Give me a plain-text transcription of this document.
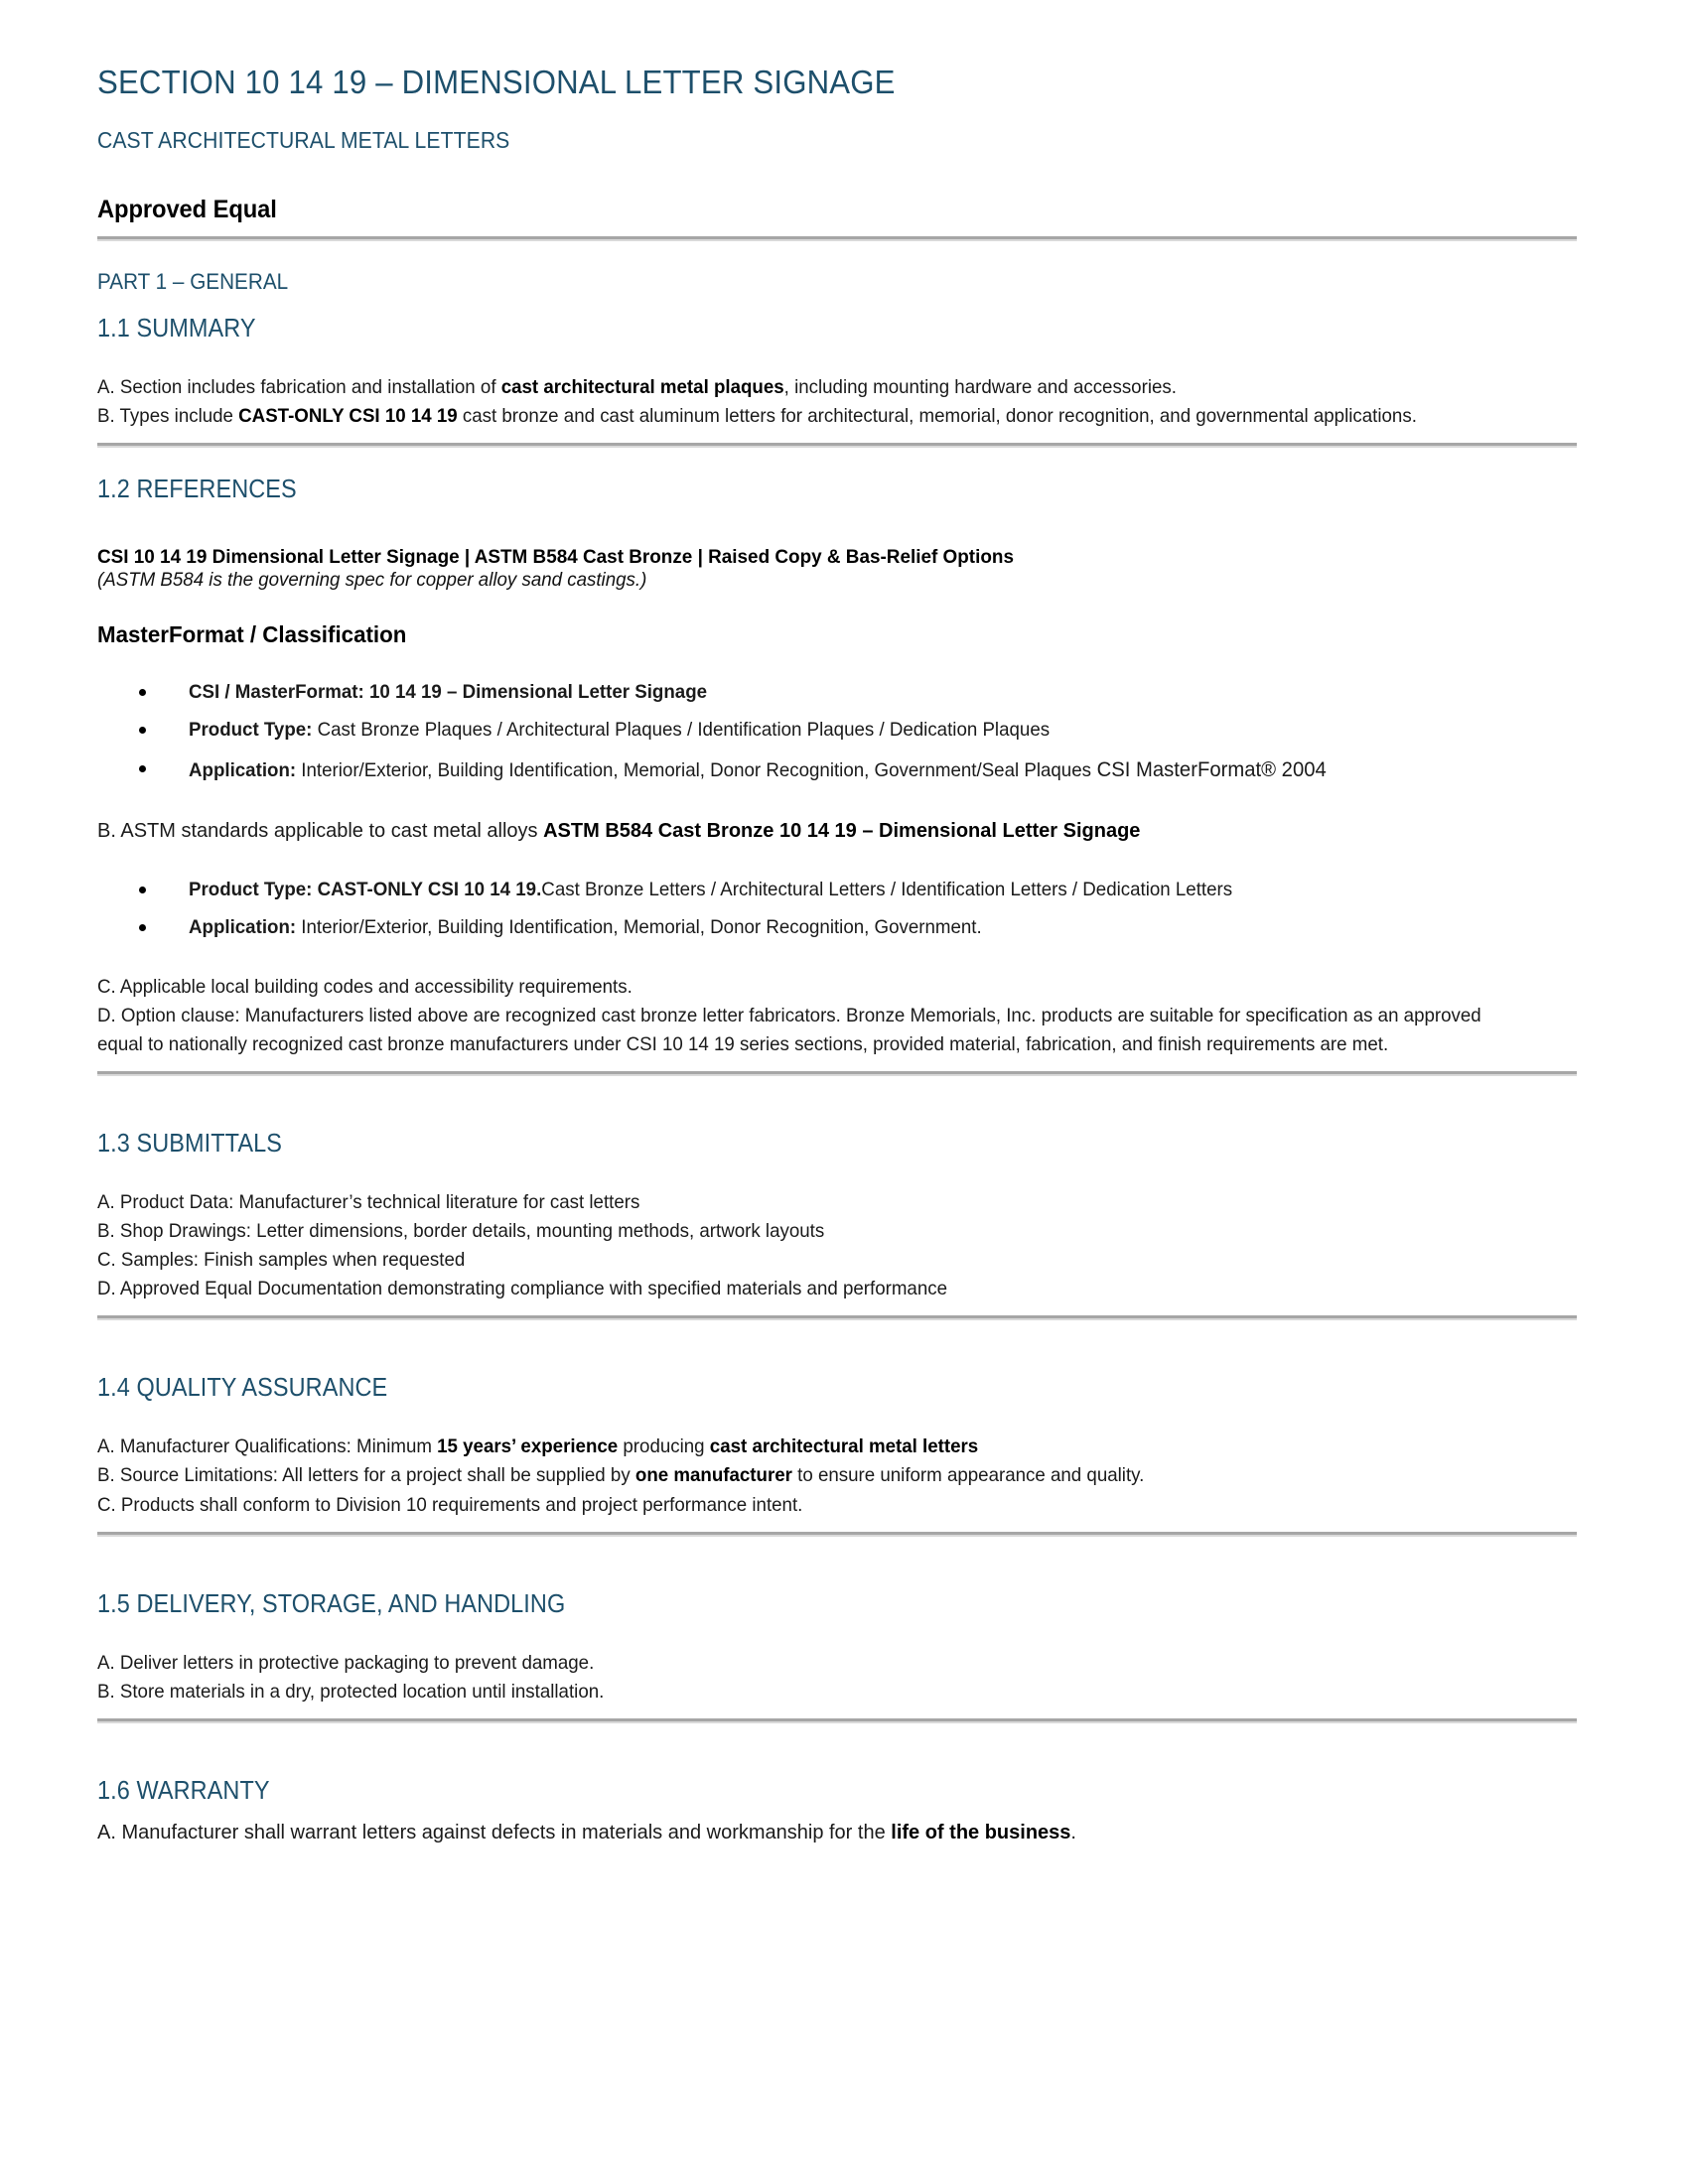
SECTION 10 14 19 – DIMENSIONAL LETTER SIGNAGE
CAST ARCHITECTURAL METAL LETTERS
Approved Equal
PART 1 – GENERAL
1.1 SUMMARY

A. Section includes fabrication and installation of cast architectural metal plaques, including mounting hardware and accessories.

B. Types include CAST-ONLY CSI 10 14 19 cast bronze and cast aluminum letters for architectural, memorial, donor recognition, and governmental applications.

1.2 REFERENCES

CSI 10 14 19 Dimensional Letter Signage | ASTM B584 Cast Bronze | Raised Copy & Bas-Relief Options

(ASTM B584 is the governing spec for copper alloy sand castings.)

MasterFormat / Classification
CSI / MasterFormat: 10 14 19 – Dimensional Letter Signage
Product Type: Cast Bronze Plaques / Architectural Plaques / Identification Plaques / Dedication Plaques
Application: Interior/Exterior, Building Identification, Memorial, Donor Recognition, Government/Seal Plaques CSI MasterFormat® 2004

B. ASTM standards applicable to cast metal alloys ASTM B584 Cast Bronze 10 14 19 – Dimensional Letter Signage

Product Type: CAST-ONLY CSI 10 14 19.Cast Bronze Letters / Architectural Letters / Identification Letters / Dedication Letters
Application: Interior/Exterior, Building Identification, Memorial, Donor Recognition, Government.

C. Applicable local building codes and accessibility requirements.

D. Option clause: Manufacturers listed above are recognized cast bronze letter fabricators. Bronze Memorials, Inc. products are suitable for specification as an approved equal to nationally recognized cast bronze manufacturers under CSI 10 14 19 series sections, provided material, fabrication, and finish requirements are met.

1.3 SUBMITTALS

A. Product Data: Manufacturer’s technical literature for cast letters

B. Shop Drawings: Letter dimensions, border details, mounting methods, artwork layouts

C. Samples: Finish samples when requested

D. Approved Equal Documentation demonstrating compliance with specified materials and performance

1.4 QUALITY ASSURANCE

A. Manufacturer Qualifications: Minimum 15 years’ experience producing cast architectural metal letters

B. Source Limitations: All letters for a project shall be supplied by one manufacturer to ensure uniform appearance and quality.

C. Products shall conform to Division 10 requirements and project performance intent.

1.5 DELIVERY, STORAGE, AND HANDLING

A. Deliver letters in protective packaging to prevent damage.

B. Store materials in a dry, protected location until installation.

1.6 WARRANTY

A. Manufacturer shall warrant letters against defects in materials and workmanship for the life of the business.
